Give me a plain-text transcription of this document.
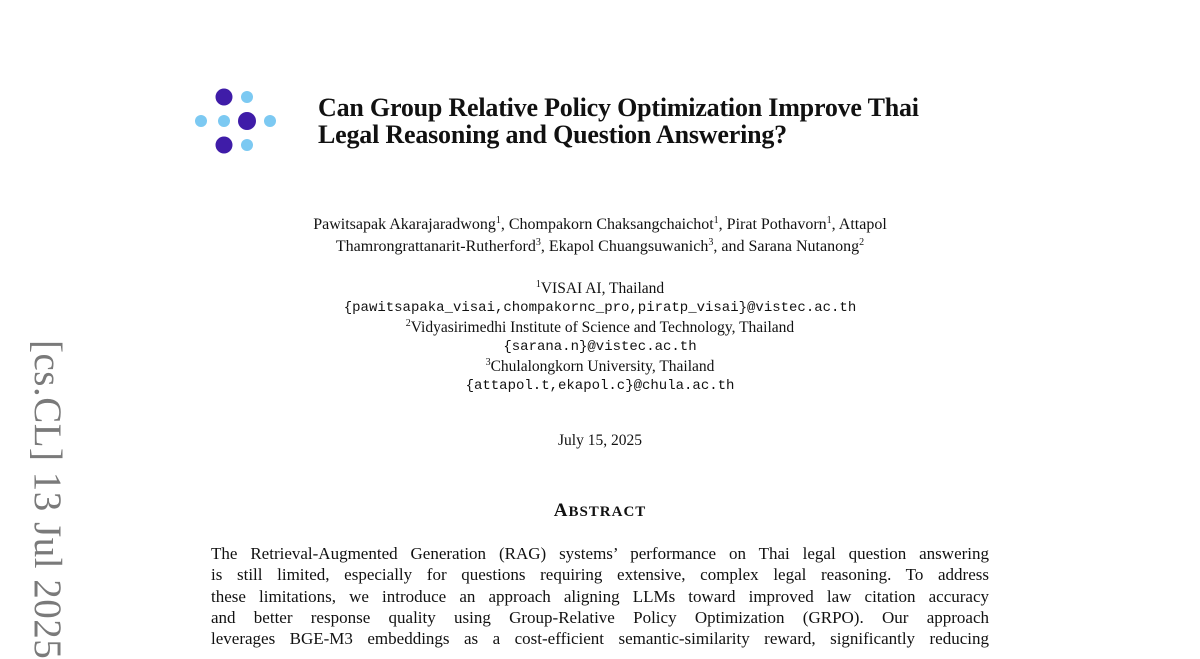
[cs.CL] 13 Jul 2025
Can Group Relative Policy Optimization Improve Thai
Legal Reasoning and Question Answering?
Pawitsapak Akarajaradwong$^1$, Chompakorn Chaksangchaichot$^1$, Pirat Pothavorn$^1$, Attapol
Thamrongrattanarit-Rutherford$^3$, Ekapol Chuangsuwanich$^3$, and Sarana Nutanong$^2$
$^1$VISAI AI, Thailand
{pawitsapaka_visai,chompakornc_pro,piratp_visai}@vistec.ac.th
$^2$Vidyasirimedhi Institute of Science and Technology, Thailand
{sarana.n}@vistec.ac.th
$^3$Chulalongkorn University, Thailand
{attapol.t,ekapol.c}@chula.ac.th
July 15, 2025
ABSTRACT
The Retrieval-Augmented Generation (RAG) systems’ performance on Thai legal question answering
is still limited, especially for questions requiring extensive, complex legal reasoning. To address
these limitations, we introduce an approach aligning LLMs toward improved law citation accuracy
and better response quality using Group-Relative Policy Optimization (GRPO). Our approach
leverages BGE-M3 embeddings as a cost-efficient semantic-similarity reward, significantly reducing
